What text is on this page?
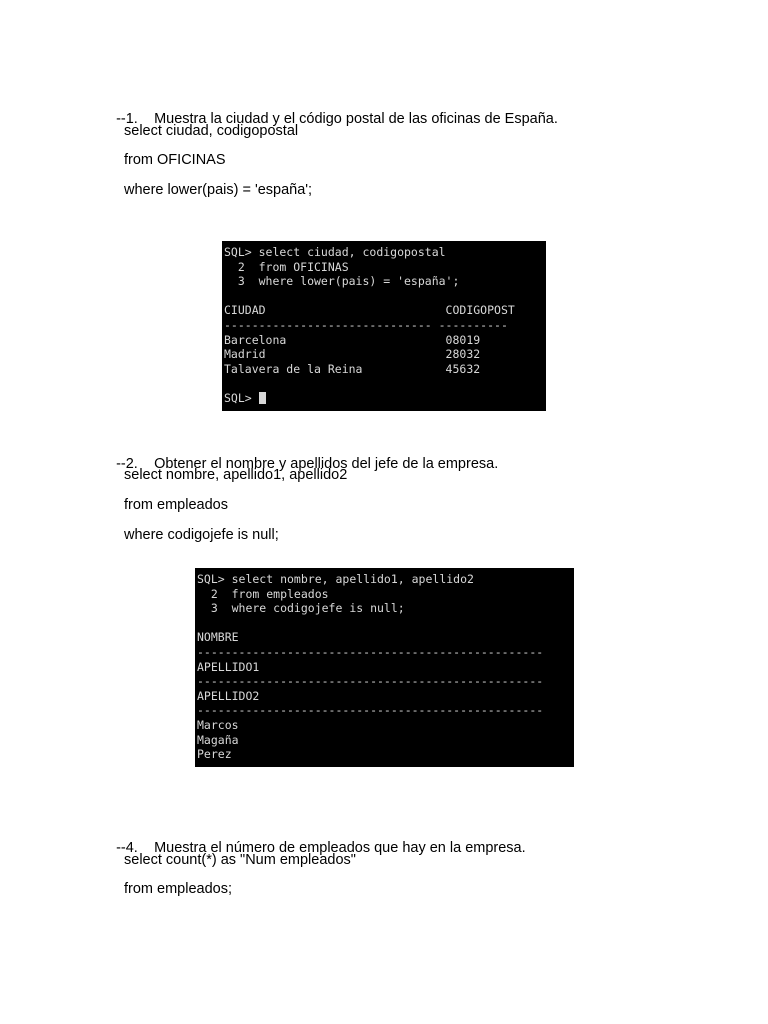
--1. Muestra la ciudad y el código postal de las oficinas de España.

select ciudad, codigopostal
from OFICINAS
where lower(pais) = 'españa';
SQL> select ciudad, codigopostal
2  from OFICINAS
3  where lower(pais) = 'españa';
CIUDAD                          CODIGOPOST
------------------------------ ----------
Barcelona                       08019
Madrid                          28032
Talavera de la Reina            45632
SQL>

--2. Obtener el nombre y apellidos del jefe de la empresa.

select nombre, apellido1, apellido2
from empleados
where codigojefe is null;
SQL> select nombre, apellido1, apellido2
2  from empleados
3  where codigojefe is null;
NOMBRE
--------------------------------------------------
APELLIDO1
--------------------------------------------------
APELLIDO2
--------------------------------------------------
Marcos
Magaña
Perez

--4. Muestra el número de empleados que hay en la empresa.

select count(*) as "Num empleados"
from empleados;
